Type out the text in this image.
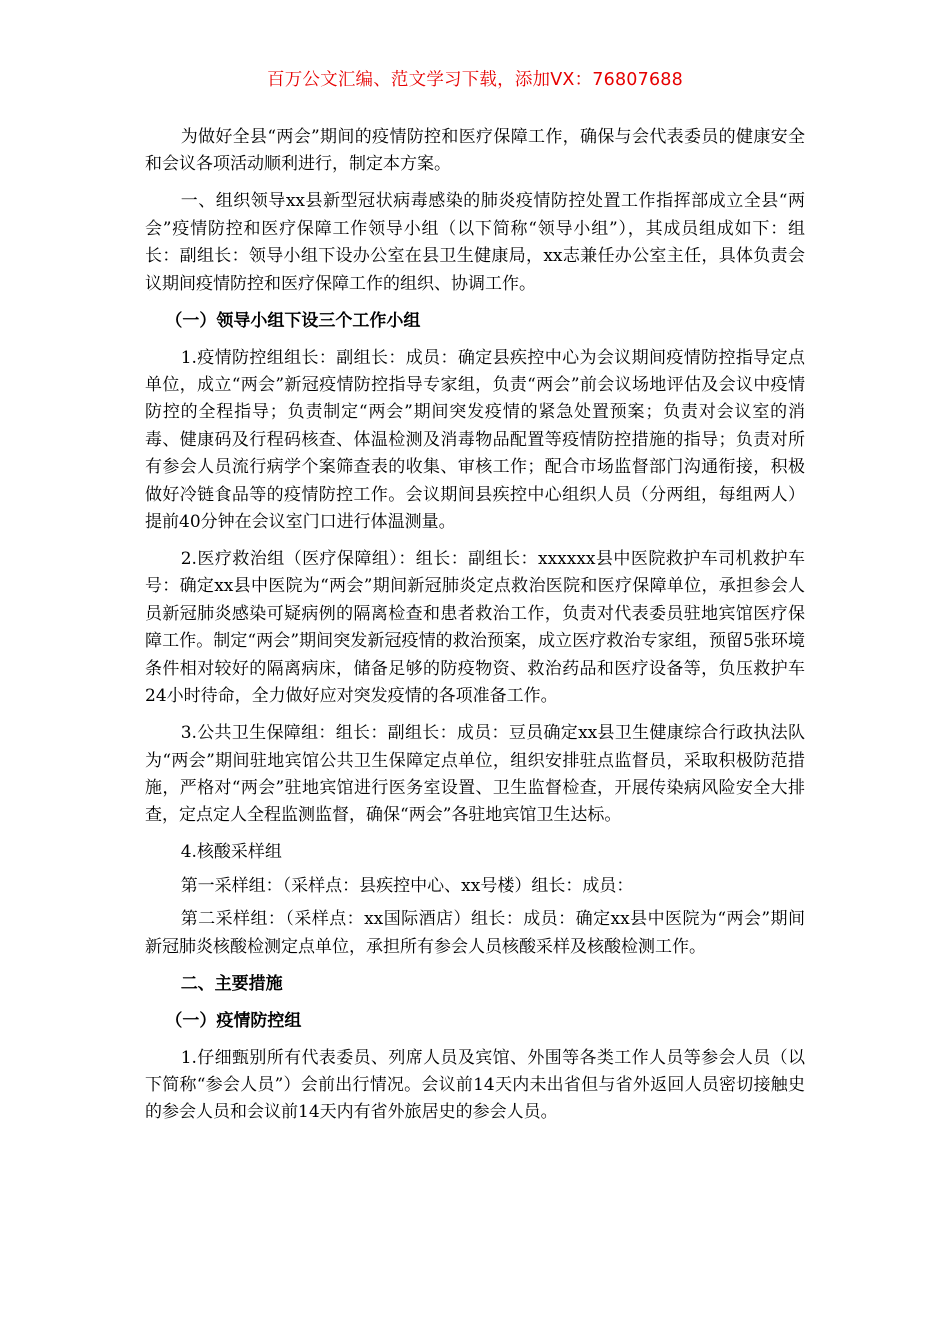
百万公文汇编、范文学习下载，添加VX：76807688

为做好全县“两会”期间的疫情防控和医疗保障工作，确保与会代表委员的健康安全和会议各项活动顺利进行，制定本方案。

一、组织领导xx县新型冠状病毒感染的肺炎疫情防控处置工作指挥部成立全县“两会”疫情防控和医疗保障工作领导小组（以下简称“领导小组”），其成员组成如下：组长：副组长：领导小组下设办公室在县卫生健康局，xx志兼任办公室主任，具体负责会议期间疫情防控和医疗保障工作的组织、协调工作。

（一）领导小组下设三个工作小组

1.疫情防控组组长：副组长：成员：确定县疾控中心为会议期间疫情防控指导定点单位，成立“两会”新冠疫情防控指导专家组，负责“两会”前会议场地评估及会议中疫情防控的全程指导；负责制定“两会”期间突发疫情的紧急处置预案；负责对会议室的消毒、健康码及行程码核查、体温检测及消毒物品配置等疫情防控措施的指导；负责对所有参会人员流行病学个案筛查表的收集、审核工作；配合市场监督部门沟通衔接，积极做好冷链食品等的疫情防控工作。会议期间县疾控中心组织人员（分两组，每组两人）提前40分钟在会议室门口进行体温测量。

2.医疗救治组（医疗保障组）：组长：副组长：xxxxxx县中医院救护车司机救护车号：确定xx县中医院为“两会”期间新冠肺炎定点救治医院和医疗保障单位，承担参会人员新冠肺炎感染可疑病例的隔离检查和患者救治工作，负责对代表委员驻地宾馆医疗保障工作。制定“两会”期间突发新冠疫情的救治预案，成立医疗救治专家组，预留5张环境条件相对较好的隔离病床，储备足够的防疫物资、救治药品和医疗设备等，负压救护车24小时待命，全力做好应对突发疫情的各项准备工作。

3.公共卫生保障组：组长：副组长：成员：豆员确定xx县卫生健康综合行政执法队为“两会”期间驻地宾馆公共卫生保障定点单位，组织安排驻点监督员，采取积极防范措施，严格对“两会”驻地宾馆进行医务室设置、卫生监督检查，开展传染病风险安全大排查，定点定人全程监测监督，确保“两会”各驻地宾馆卫生达标。

4.核酸采样组

第一采样组：（采样点：县疾控中心、xx号楼）组长：成员：

第二采样组：（采样点：xx国际酒店）组长：成员：确定xx县中医院为“两会”期间新冠肺炎核酸检测定点单位，承担所有参会人员核酸采样及核酸检测工作。

二、主要措施

（一）疫情防控组

1.仔细甄别所有代表委员、列席人员及宾馆、外围等各类工作人员等参会人员（以下简称“参会人员”）会前出行情况。会议前14天内未出省但与省外返回人员密切接触史的参会人员和会议前14天内有省外旅居史的参会人员。
